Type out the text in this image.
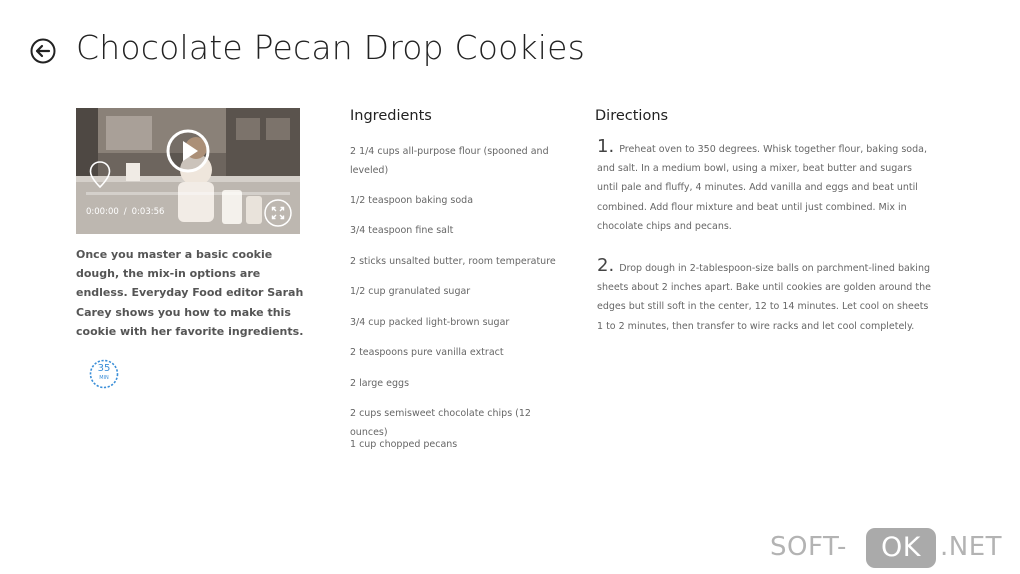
Chocolate Pecan Drop Cookies
0:00:00 / 0:03:56

Once you master a basic cookie dough, the mix-in options are endless. Everyday Food editor Sarah Carey shows you how to make this cookie with her favorite ingredients.

35
MIN
Ingredients
2 1/4 cups all-purpose flour (spooned and leveled)
1/2 teaspoon baking soda
3/4 teaspoon fine salt
2 sticks unsalted butter, room temperature
1/2 cup granulated sugar
3/4 cup packed light-brown sugar
2 teaspoons pure vanilla extract
2 large eggs
2 cups semisweet chocolate chips (12 ounces)
1 cup chopped pecans
Directions

1. Preheat oven to 350 degrees. Whisk together flour, baking soda, and salt. In a medium bowl, using a mixer, beat butter and sugars until pale and fluffy, 4 minutes. Add vanilla and eggs and beat until combined. Add flour mixture and beat until just combined. Mix in chocolate chips and pecans.

2. Drop dough in 2-tablespoon-size balls on parchment-lined baking sheets about 2 inches apart. Bake until cookies are golden around the edges but still soft in the center, 12 to 14 minutes. Let cool on sheets 1 to 2 minutes, then transfer to wire racks and let cool completely.

SOFT-	OK .NET
